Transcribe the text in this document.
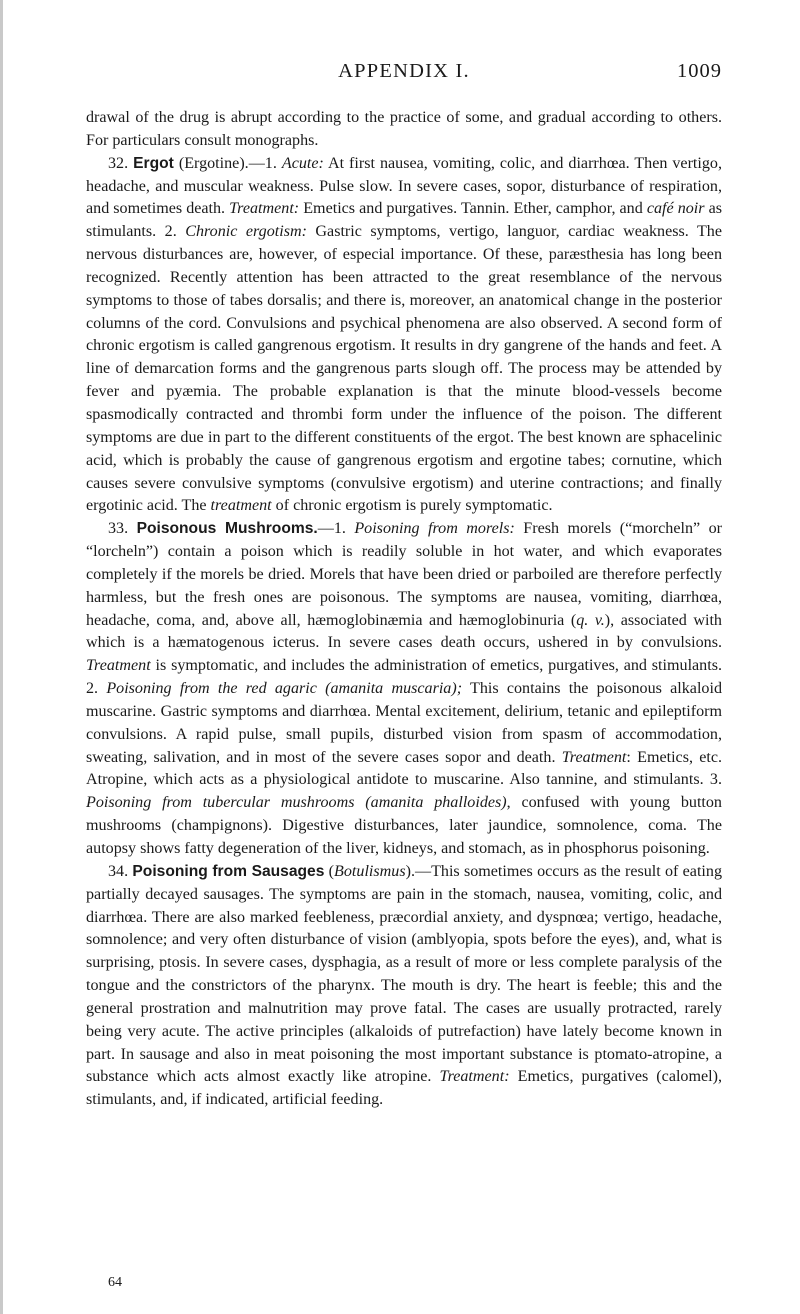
APPENDIX I.	1009

drawal of the drug is abrupt according to the practice of some, and gradual according to others. For particulars consult monographs.

32. Ergot (Ergotine).—1. Acute: At first nausea, vomiting, colic, and diarrhœa. Then vertigo, headache, and muscular weakness. Pulse slow. In severe cases, sopor, disturbance of respiration, and sometimes death. Treatment: Emetics and purgatives. Tannin. Ether, camphor, and café noir as stimulants. 2. Chronic ergotism: Gastric symptoms, vertigo, languor, cardiac weakness. The nervous disturbances are, however, of especial importance. Of these, paræsthesia has long been recognized. Recently attention has been attracted to the great resemblance of the nervous symptoms to those of tabes dorsalis; and there is, moreover, an anatomical change in the posterior columns of the cord. Convulsions and psychical phenomena are also observed. A second form of chronic ergotism is called gangrenous ergotism. It results in dry gangrene of the hands and feet. A line of demarcation forms and the gangrenous parts slough off. The process may be attended by fever and pyæmia. The probable explanation is that the minute blood-vessels become spasmodically contracted and thrombi form under the influence of the poison. The different symptoms are due in part to the different constituents of the ergot. The best known are sphacelinic acid, which is probably the cause of gangrenous ergotism and ergotine tabes; cornutine, which causes severe convulsive symptoms (convulsive ergotism) and uterine contractions; and finally ergotinic acid. The treatment of chronic ergotism is purely symptomatic.

33. Poisonous Mushrooms.—1. Poisoning from morels: Fresh morels (“morcheln” or “lorcheln”) contain a poison which is readily soluble in hot water, and which evaporates completely if the morels be dried. Morels that have been dried or parboiled are therefore perfectly harmless, but the fresh ones are poisonous. The symptoms are nausea, vomiting, diarrhœa, headache, coma, and, above all, hæmoglobinæmia and hæmoglobinuria (q. v.), associated with which is a hæmatogenous icterus. In severe cases death occurs, ushered in by convulsions. Treatment is symptomatic, and includes the administration of emetics, purgatives, and stimulants. 2. Poisoning from the red agaric (amanita muscaria); This contains the poisonous alkaloid muscarine. Gastric symptoms and diarrhœa. Mental excitement, delirium, tetanic and epileptiform convulsions. A rapid pulse, small pupils, disturbed vision from spasm of accommodation, sweating, salivation, and in most of the severe cases sopor and death. Treatment: Emetics, etc. Atropine, which acts as a physiological antidote to muscarine. Also tannine, and stimulants. 3. Poisoning from tubercular mushrooms (amanita phalloides), confused with young button mushrooms (champignons). Digestive disturbances, later jaundice, somnolence, coma. The autopsy shows fatty degeneration of the liver, kidneys, and stomach, as in phosphorus poisoning.

34. Poisoning from Sausages (Botulismus).—This sometimes occurs as the result of eating partially decayed sausages. The symptoms are pain in the stomach, nausea, vomiting, colic, and diarrhœa. There are also marked feebleness, præcordial anxiety, and dyspnœa; vertigo, headache, somnolence; and very often disturbance of vision (amblyopia, spots before the eyes), and, what is surprising, ptosis. In severe cases, dysphagia, as a result of more or less complete paralysis of the tongue and the constrictors of the pharynx. The mouth is dry. The heart is feeble; this and the general prostration and malnutrition may prove fatal. The cases are usually protracted, rarely being very acute. The active principles (alkaloids of putrefaction) have lately become known in part. In sausage and also in meat poisoning the most important substance is ptomato-atropine, a substance which acts almost exactly like atropine. Treatment: Emetics, purgatives (calomel), stimulants, and, if indicated, artificial feeding.

64
